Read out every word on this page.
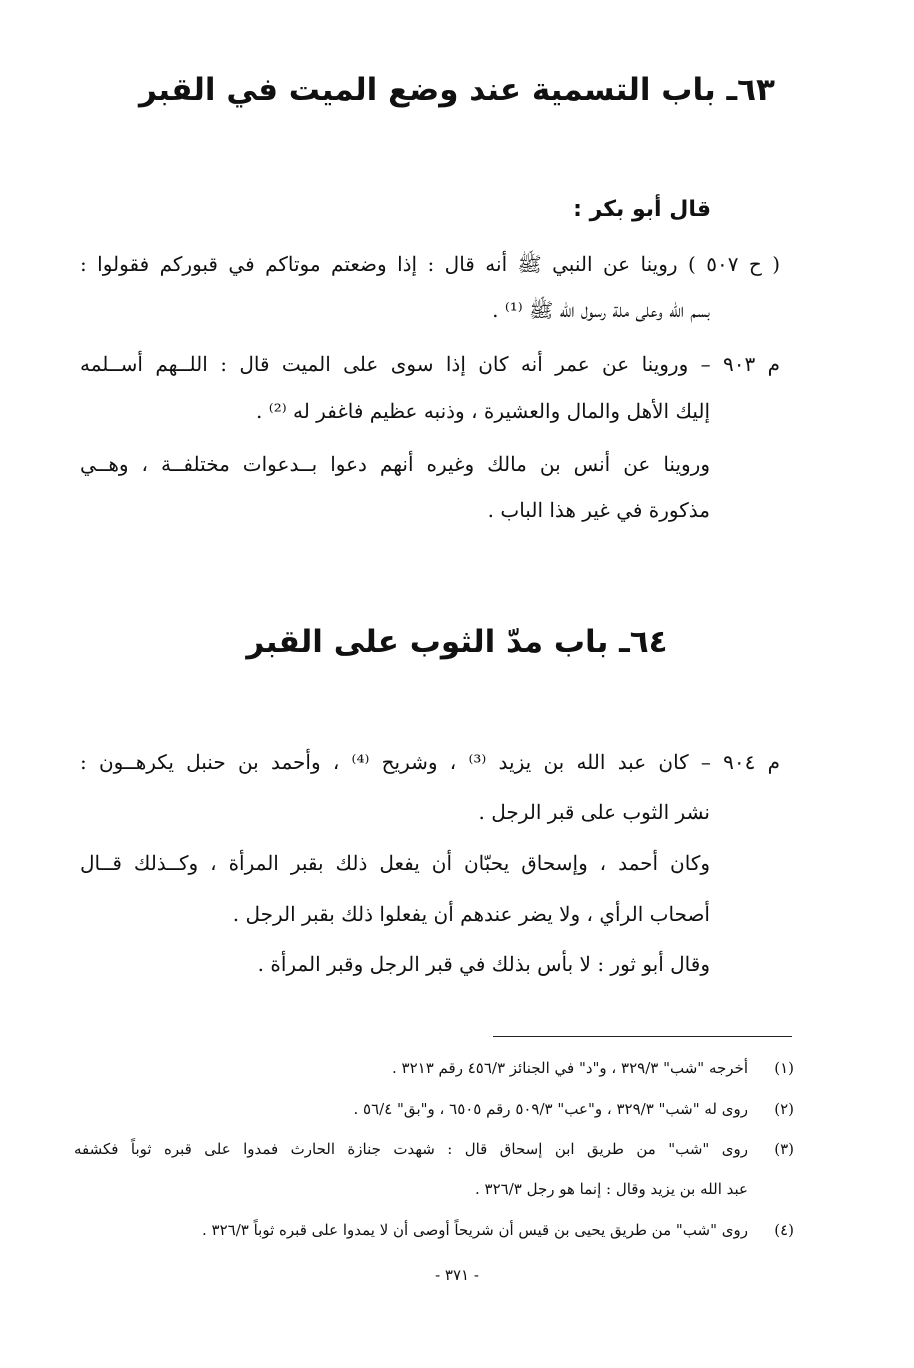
٦٣ـ باب التسمية عند وضع الميت في القبر
قال أبو بكر :
( ح ٥٠٧ ) روينا عن النبي ﷺ أنه قال : إذا وضعتم موتاكم في قبوركم فقولوا :
بسم الله وعلى ملة رسول الله ﷺ ⁽¹⁾ .
م ٩٠٣ – وروينا عن عمر أنه كان إذا سوى على الميت قال : اللــهم أســلمه
إليك الأهل والمال والعشيرة ، وذنبه عظيم فاغفر له ⁽²⁾ .
وروينا عن أنس بن مالك وغيره أنهم دعوا بــدعوات مختلفــة ، وهــي
مذكورة في غير هذا الباب .
٦٤ـ باب مدّ الثوب على القبر
م ٩٠٤ – كان عبد الله بن يزيد ⁽³⁾ ، وشريح ⁽⁴⁾ ، وأحمد بن حنبل يكرهــون :
نشر الثوب على قبر الرجل .
وكان أحمد ، وإسحاق يحبّان أن يفعل ذلك بقبر المرأة ، وكــذلك قــال
أصحاب الرأي ، ولا يضر عندهم أن يفعلوا ذلك بقبر الرجل .
وقال أبو ثور : لا بأس بذلك في قبر الرجل وقبر المرأة .
(١)
أخرجه "شب" ٣٢٩/٣ ، و"د" في الجنائز ٤٥٦/٣ رقم ٣٢١٣ .
(٢)
روى له "شب" ٣٢٩/٣ ، و"عب" ٥٠٩/٣ رقم ٦٥٠٥ ، و"بق" ٥٦/٤ .
(٣)
روى "شب" من طريق ابن إسحاق قال : شهدت جنازة الحارث فمدوا على قبره ثوباً فكشفه
عبد الله بن يزيد وقال : إنما هو رجل ٣٢٦/٣ .
(٤)
روى "شب" من طريق يحيى بن قيس أن شريحاً أوصى أن لا يمدوا على قبره ثوباً ٣٢٦/٣ .
- ٣٧١ -
